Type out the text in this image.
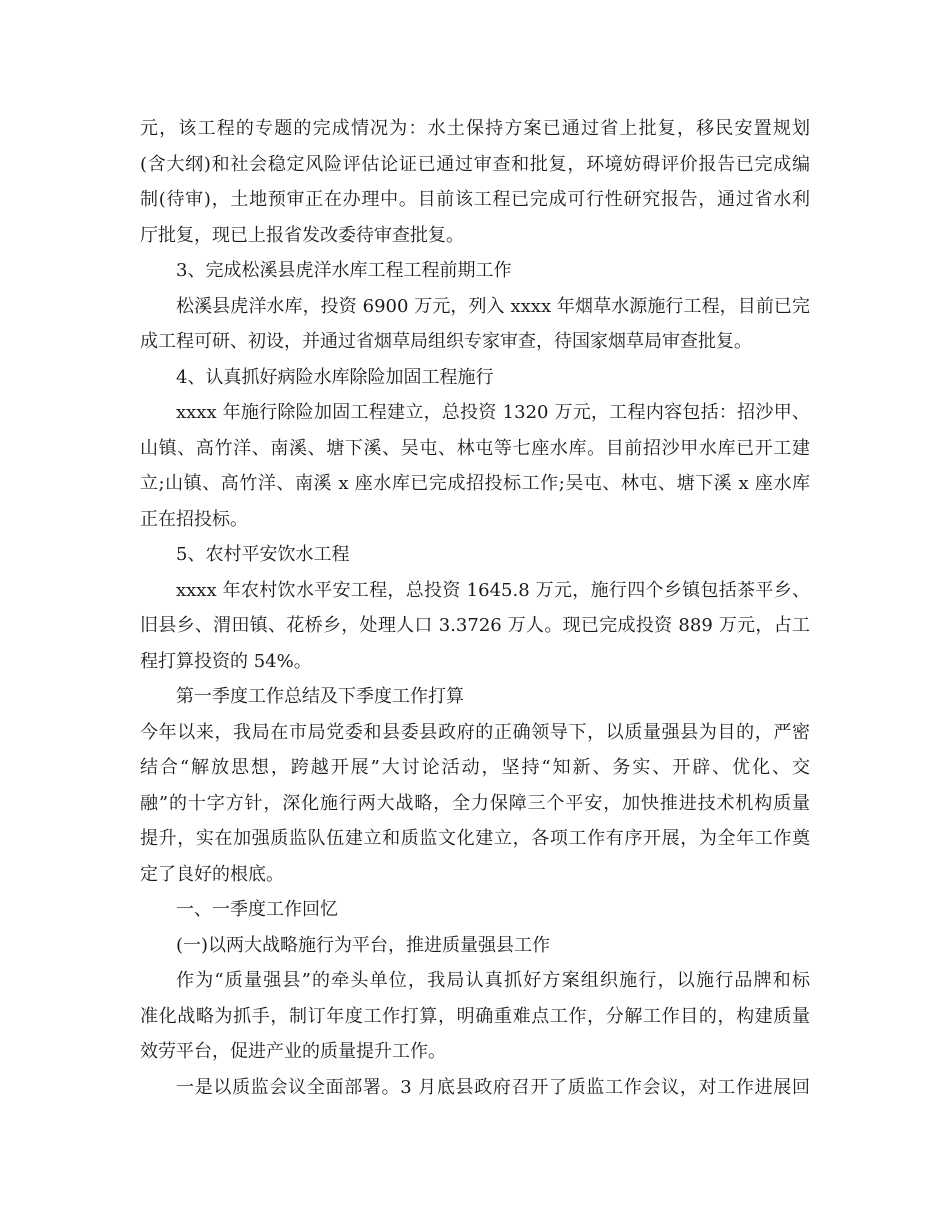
元，该工程的专题的完成情况为：水土保持方案已通过省上批复，移民安置规划
(含大纲)和社会稳定风险评估论证已通过审查和批复，环境妨碍评价报告已完成编
制(待审)，土地预审正在办理中。目前该工程已完成可行性研究报告，通过省水利
厅批复，现已上报省发改委待审查批复。
3、完成松溪县虎洋水库工程工程前期工作
松溪县虎洋水库，投资 6900 万元，列入 xxxx 年烟草水源施行工程，目前已完
成工程可研、初设，并通过省烟草局组织专家审查，待国家烟草局审查批复。
4、认真抓好病险水库除险加固工程施行
xxxx 年施行除险加固工程建立，总投资 1320 万元，工程内容包括：招沙甲、
山镇、高竹洋、南溪、塘下溪、吴屯、林屯等七座水库。目前招沙甲水库已开工建
立;山镇、高竹洋、南溪 x 座水库已完成招投标工作;吴屯、林屯、塘下溪 x 座水库
正在招投标。
5、农村平安饮水工程
xxxx 年农村饮水平安工程，总投资 1645.8 万元，施行四个乡镇包括茶平乡、
旧县乡、渭田镇、花桥乡，处理人口 3.3726 万人。现已完成投资 889 万元，占工
程打算投资的 54%。
第一季度工作总结及下季度工作打算
今年以来，我局在市局党委和县委县政府的正确领导下，以质量强县为目的，严密
结合“解放思想，跨越开展”大讨论活动，坚持“知新、务实、开辟、优化、交
融”的十字方针，深化施行两大战略，全力保障三个平安，加快推进技术机构质量
提升，实在加强质监队伍建立和质监文化建立，各项工作有序开展，为全年工作奠
定了良好的根底。
一、一季度工作回忆
(一)以两大战略施行为平台，推进质量强县工作
作为“质量强县”的牵头单位，我局认真抓好方案组织施行，以施行品牌和标
准化战略为抓手，制订年度工作打算，明确重难点工作，分解工作目的，构建质量
效劳平台，促进产业的质量提升工作。
一是以质监会议全面部署。3 月底县政府召开了质监工作会议，对工作进展回
